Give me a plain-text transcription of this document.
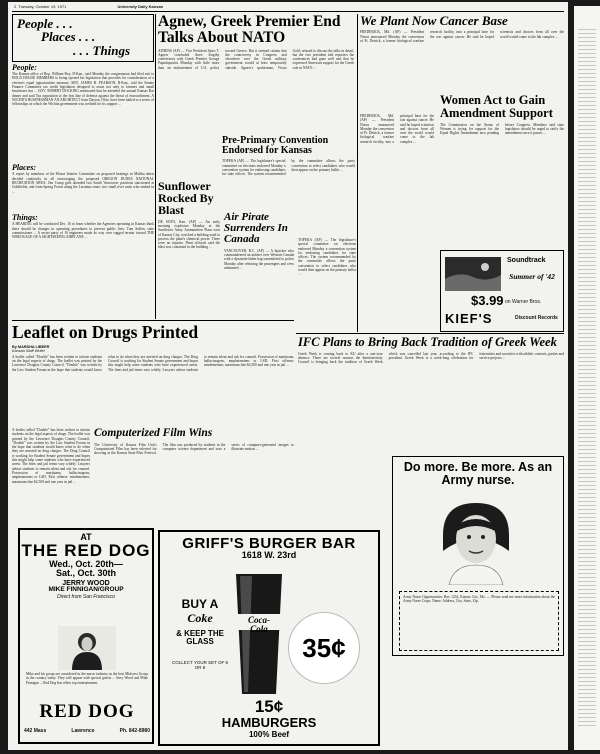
2 Tuesday, October 19, 1971	University Daily Kansan
People . . .
Places . . .
. . . Things
People:
The Kansas office of Rep. William Roy, D-Kan., said Monday the congressman had filed suit to HOLD HOUSE MEMBERS to being opened his legislation that provides for consideration of a veteran's equal opportunities measure. SEN. JAMES B. PEARSON, R-Kan., told the Senate Finance Committee tax credit legislation designed to assist not only to farmers and small businesses but ... GOV. ROBERT DOCKING mentioned that he attended the annual Kansas Bar dinner and said Tax opposition to the first line of defense against the threat of encroachment. A WICHITA BUSINESSMAN AN ARCHITECT from Dayton, Ohio, have been hailed to a series of fellowships in which the Wichita government was credited for its support ...
Places:
A report by members of the House Interior Committee on proposed hearings in Malibu about decided cautiously in all encouraging the proposed OREGON DUNES NATIONAL RECREATION AREA. Our Camp girls attended two South Vancouver positions sanctioned at Goldfields, and from Spring Forest along the Lacamas route; two small river units who ranked in ...
Things:
A HEARING will be conducted Dec. 16 to learn whether the Agencies operating in Kansas think there should be changes in operating procedures to prevent public fires. Tom Saffen, state commissioner ... A secret party of 10 engineers made its way over rugged terrain toward THE WRECKAGE OF A SIGHTSEEING AIRPLANE ...
Agnew, Greek Premier End Talks About NATO
ATHENS (AP) — Vice President Spiro T. Agnew concluded three lengthy conferences with Greek Premier George Papadopoulos Monday with little more than an endorsement of U.S. policy toward Greece. But it seemed certain that the controversy in Congress and elsewhere over the Greek military government would at least temporarily subside. Agnew's spokesman, Victor Gold, refused to discuss the talks in detail, but the vice president told reporters the conferences had gone well and that he expressed American support for the Greek role in NATO ...
Pre-Primary Convention Endorsed for Kansas
TOPEKA (AP) — The legislature's special committee on elections endorsed Monday a convention system for endorsing candidates for state offices. The system recommended by the committee allows the party convention to select candidates who would then appear on the primary ballot ...
Sunflower Rocked By Blast
DE SOTO, Kan. (AP) — An early morning explosion Monday at the Sunflower Army Ammunition Plant west of Kansas City, wrecked a building used to process the plant's chemical power. There were no injuries. Plant officials said the blast was contained in the building ...
Air Pirate Surrenders In Canada
VANCOUVER, B.C. (AP) — A hijacker who commandeered an airliner over Western Canada with a dynamite-laden bag surrendered to police Monday after releasing the passengers and crew unharmed ...
TOPEKA (AP) — The legislature's special committee on elections endorsed Monday a convention system for endorsing candidates for state offices. The system recommended by the committee allows the party convention to select candidates who would then appear on the primary ballot ...
Leaflet on Drugs Printed
By MARSHA LIBEER
Kansan Staff Writer
A leaflet called "Double" has been written to inform students on the legal aspects of drugs. The leaflet was printed by the Lawrence Douglas County Council. "Double" was written by the Law Student Forum in the hope that students would know what to do when they are arrested on drug charges. The Drug Council is working for Student Senate government and hopes this might help some students who have experienced arrest. The fines and jail terms vary widely. Lawyers advise students to remain silent and ask for counsel. Possession of marijuana, hallucinogens, amphetamines or LSD, First offense: misdemeanor, maximum fine $2,500 and one year in jail ...
Computerized Film Wins
The University of Kansas Film Unit's Computerized Film has been selected for showing at the Kansas State Film Festival. The film was produced by students in the computer science department and uses a series of computer-generated images to illustrate motion ...
A leaflet called "Double" has been written to inform students on the legal aspects of drugs. The leaflet was printed by the Lawrence Douglas County Council. "Double" was written by the Law Student Forum in the hope that students would know what to do when they are arrested on drug charges. The Drug Council is working for Student Senate government and hopes this might help some students who have experienced arrest. The fines and jail terms vary widely. Lawyers advise students to remain silent and ask for counsel. Possession of marijuana, hallucinogens, amphetamines or LSD, First offense: misdemeanor, maximum fine $2,500 and one year in jail ...
IFC Plans to Bring Back Tradition of Greek Week
Greek Week is coming back to KU after a one-year absence. There are several reasons the Interfraternity Council is bringing back the tradition of Greek Week which was cancelled last year, according to the IFC president. Greek Week is a week-long celebration for fraternities and sororities with athletic contests, parties and service projects ...
We Plant Now Cancer Base
FREDERICK, Md. (AP) — President Nixon announced Monday the conversion of Ft. Detrick, a former biological warfare research facility, into a principal base for the war against cancer. He said he hoped scientists and doctors from all over the world would come to the lab complex ...
FREDERICK, Md. (AP) — President Nixon announced Monday the conversion of Ft. Detrick, a former biological warfare research facility, into a principal base for the war against cancer. He said he hoped scientists and doctors from all over the world would come to the lab complex ...
Women Act to Gain Amendment Support
The Commission on the Status of Women is trying for support for the Equal Rights Amendment now pending before Congress. Members said state legislators should be urged to ratify the amendment once it passes ...
Soundtrack
Summer of '42
$3.99 on Warner Bros.
KIEF'S	Discount Records
Do more. Be more. As an Army nurse.
Army Nurse Opportunities, Box 1234, Kansas City, Mo. — Please send me more information about the Army Nurse Corps. Name, Address, City, State, Zip.
AT
THE RED DOG
Wed., Oct. 20th—
Sat., Oct. 30th
JERRY WOOD
MIKE FINNIGAN/GROUP
Direct from San Francisco
Mike and his group are considered in the music industry as the best Midwest Group in the country today. They will appear with special guests ... Jerry Wood and Mike Finnigan ... Red Dog Inn offers top entertainment.
RED DOG
442 Mass	Lawrence	Ph. 842-8980
GRIFF'S BURGER BAR
1618 W. 23rd
Coca-Cola
BUY A
Coke
& KEEP THE GLASS
COLLECT YOUR SET OF 6 OR 8
35¢
15¢
HAMBURGERS
100% Beef
